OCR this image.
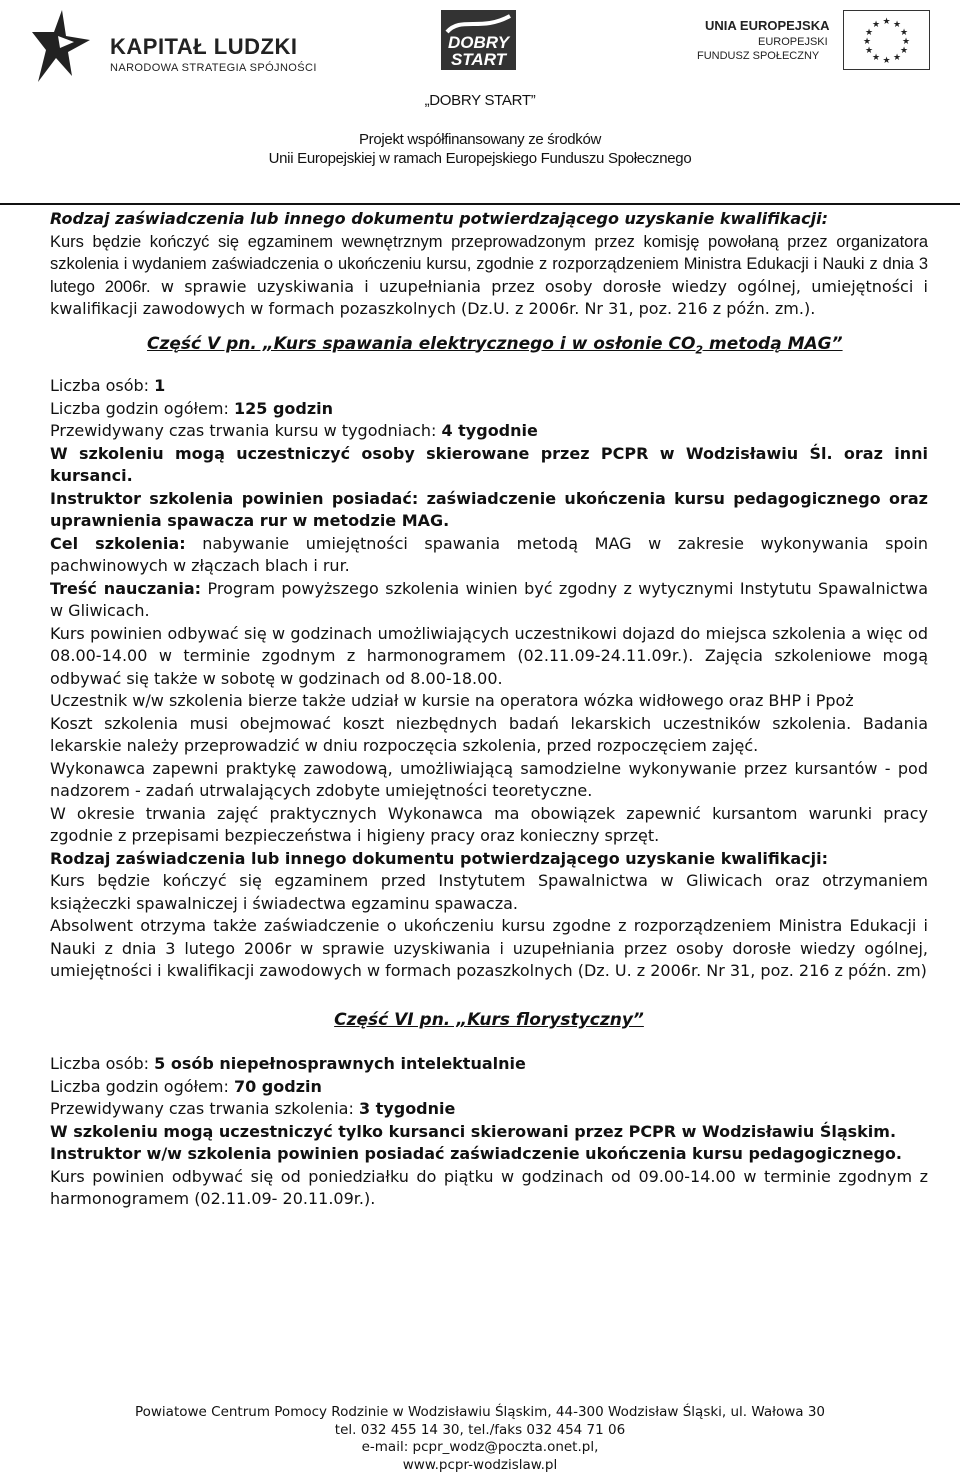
KAPITAŁ LUDZKI
NARODOWA STRATEGIA SPÓJNOŚCI
DOBRY
START
UNIA EUROPEJSKA
EUROPEJSKI
FUNDUSZ SPOŁECZNY
★ ★
★
★
★
★
★
★
★
★
★
★
„DOBRY START”
Projekt współfinansowany ze środków
Unii Europejskiej w ramach Europejskiego Funduszu Społecznego

Rodzaj zaświadczenia lub innego dokumentu potwierdzającego uzyskanie kwalifikacji:

Kurs będzie kończyć się egzaminem wewnętrznym przeprowadzonym przez komisję powołaną przez organizatora szkolenia i wydaniem zaświadczenia o ukończeniu kursu, zgodnie z rozporządzeniem Ministra Edukacji i Nauki z dnia 3 lutego 2006r. w sprawie uzyskiwania i uzupełniania przez osoby dorosłe wiedzy ogólnej, umiejętności i kwalifikacji zawodowych w formach pozaszkolnych (Dz.U. z 2006r. Nr 31, poz. 216 z późn. zm.).

Część V pn. „Kurs spawania elektrycznego i w osłonie $CO_2$ metodą MAG”

Liczba osób: 1

Liczba godzin ogółem: 125 godzin

Przewidywany czas trwania kursu w tygodniach: 4 tygodnie

W szkoleniu mogą uczestniczyć osoby skierowane przez PCPR w Wodzisławiu Śl. oraz inni kursanci.

Instruktor szkolenia powinien posiadać: zaświadczenie ukończenia kursu pedagogicznego oraz uprawnienia spawacza rur w metodzie MAG.

Cel szkolenia: nabywanie umiejętności spawania metodą MAG w zakresie wykonywania spoin pachwinowych w złączach blach i rur.

Treść nauczania: Program powyższego szkolenia winien być zgodny z wytycznymi Instytutu Spawalnictwa w Gliwicach.

Kurs powinien odbywać się w godzinach umożliwiających uczestnikowi dojazd do miejsca szkolenia a więc od 08.00-14.00 w terminie zgodnym z harmonogramem (02.11.09-24.11.09r.). Zajęcia szkoleniowe mogą odbywać się także w sobotę w godzinach od 8.00-18.00.

Uczestnik w/w szkolenia bierze także udział w kursie na operatora wózka widłowego oraz BHP i Ppoż

Koszt szkolenia musi obejmować koszt niezbędnych badań lekarskich uczestników szkolenia. Badania lekarskie należy przeprowadzić w dniu rozpoczęcia szkolenia, przed rozpoczęciem zajęć.

Wykonawca zapewni praktykę zawodową, umożliwiającą samodzielne wykonywanie przez kursantów - pod nadzorem - zadań utrwalających zdobyte umiejętności teoretyczne.

W okresie trwania zajęć praktycznych Wykonawca ma obowiązek zapewnić kursantom warunki pracy zgodnie z przepisami bezpieczeństwa i higieny pracy oraz konieczny sprzęt.

Rodzaj zaświadczenia lub innego dokumentu potwierdzającego uzyskanie kwalifikacji:

Kurs będzie kończyć się egzaminem przed Instytutem Spawalnictwa w Gliwicach oraz otrzymaniem książeczki spawalniczej i świadectwa egzaminu spawacza.

Absolwent otrzyma także zaświadczenie o ukończeniu kursu zgodne z rozporządzeniem Ministra Edukacji i Nauki z dnia 3 lutego 2006r w sprawie uzyskiwania i uzupełniania przez osoby dorosłe wiedzy ogólnej, umiejętności i kwalifikacji zawodowych w formach pozaszkolnych (Dz. U. z 2006r. Nr 31, poz. 216 z późn. zm)

Część VI pn. „Kurs florystyczny”

Liczba osób: 5 osób niepełnosprawnych intelektualnie

Liczba godzin ogółem: 70 godzin

Przewidywany czas trwania szkolenia: 3 tygodnie

W szkoleniu mogą uczestniczyć tylko kursanci skierowani przez PCPR w Wodzisławiu Śląskim.

Instruktor w/w szkolenia powinien posiadać zaświadczenie ukończenia kursu pedagogicznego.

Kurs powinien odbywać się od poniedziałku do piątku w godzinach od 09.00-14.00 w terminie zgodnym z harmonogramem (02.11.09- 20.11.09r.).

Powiatowe Centrum Pomocy Rodzinie w Wodzisławiu Śląskim, 44-300 Wodzisław Śląski, ul. Wałowa 30
tel. 032 455 14 30, tel./faks 032 454 71 06
e-mail: pcpr_wodz@poczta.onet.pl,
www.pcpr-wodzislaw.pl
